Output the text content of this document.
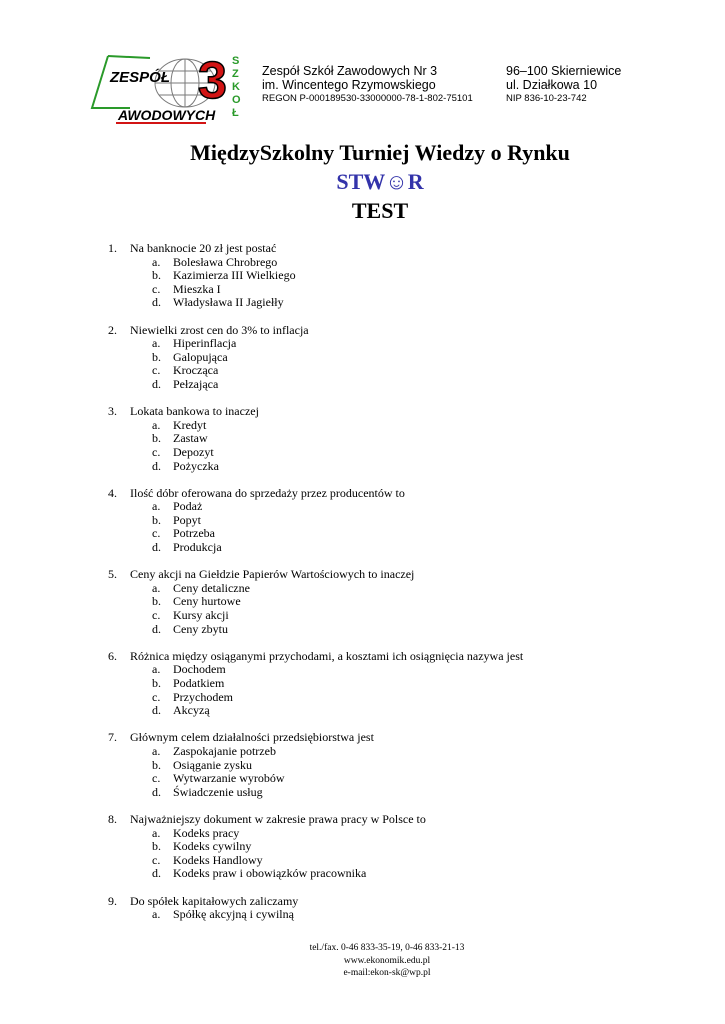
3
ZESPÓŁ
AWODOWYCH
S
Z
K
O
Ł
Zespół Szkół Zawodowych Nr 3
im. Wincentego Rzymowskiego
REGON P-000189530-33000000-78-1-802-75101
96–100 Skierniewice
ul. Działkowa 10
NIP 836-10-23-742
MiędzySzkolny Turniej Wiedzy o Rynku
STW☺R
TEST
1. Na banknocie 20 zł jest postać
a. Bolesława Chrobrego
b. Kazimierza III Wielkiego
c. Mieszka I
d. Władysława II Jagiełły
2. Niewielki zrost cen do 3% to inflacja
a. Hiperinflacja
b. Galopująca
c. Krocząca
d. Pełzająca
3. Lokata bankowa to inaczej
a. Kredyt
b. Zastaw
c. Depozyt
d. Pożyczka
4. Ilość dóbr oferowana do sprzedaży przez producentów to
a. Podaż
b. Popyt
c. Potrzeba
d. Produkcja
5. Ceny akcji na Giełdzie Papierów Wartościowych to inaczej
a. Ceny detaliczne
b. Ceny hurtowe
c. Kursy akcji
d. Ceny zbytu
6. Różnica między osiąganymi przychodami, a kosztami ich osiągnięcia nazywa jest
a. Dochodem
b. Podatkiem
c. Przychodem
d. Akcyzą
7. Głównym celem działalności przedsiębiorstwa jest
a. Zaspokajanie potrzeb
b. Osiąganie zysku
c. Wytwarzanie wyrobów
d. Świadczenie usług
8. Najważniejszy dokument w zakresie prawa pracy w Polsce to
a. Kodeks pracy
b. Kodeks cywilny
c. Kodeks Handlowy
d. Kodeks praw i obowiązków pracownika
9. Do spółek kapitałowych zaliczamy
a. Spółkę akcyjną i cywilną
tel./fax. 0-46 833-35-19, 0-46 833-21-13
www.ekonomik.edu.pl
e-mail:ekon-sk@wp.pl
